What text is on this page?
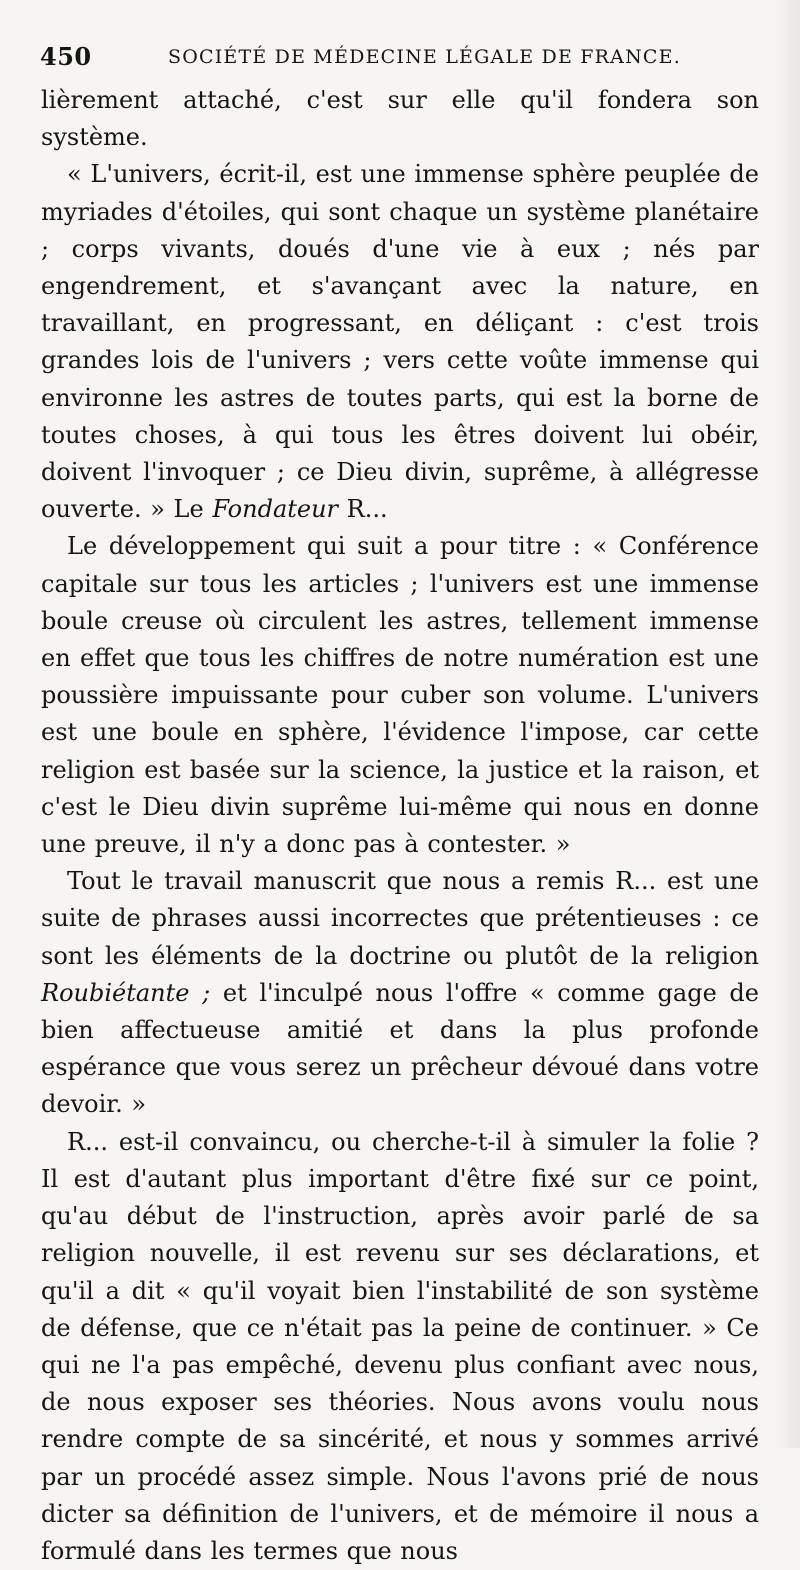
450	SOCIÉTÉ DE MÉDECINE LÉGALE DE FRANCE.

lièrement attaché, c'est sur elle qu'il fondera son système.

« L'univers, écrit-il, est une immense sphère peuplée de myriades d'étoiles, qui sont chaque un système planétaire ; corps vivants, doués d'une vie à eux ; nés par engendrement, et s'avançant avec la nature, en travaillant, en progressant, en déliçant : c'est trois grandes lois de l'univers ; vers cette voûte immense qui environne les astres de toutes parts, qui est la borne de toutes choses, à qui tous les êtres doivent lui obéir, doivent l'invoquer ; ce Dieu divin, suprême, à allégresse ouverte. » Le Fondateur R...

Le développement qui suit a pour titre : « Conférence capitale sur tous les articles ; l'univers est une immense boule creuse où circulent les astres, tellement immense en effet que tous les chiffres de notre numération est une poussière impuissante pour cuber son volume. L'univers est une boule en sphère, l'évidence l'impose, car cette religion est basée sur la science, la justice et la raison, et c'est le Dieu divin suprême lui-même qui nous en donne une preuve, il n'y a donc pas à contester. »

Tout le travail manuscrit que nous a remis R... est une suite de phrases aussi incorrectes que prétentieuses : ce sont les éléments de la doctrine ou plutôt de la religion Roubiétante ; et l'inculpé nous l'offre « comme gage de bien affectueuse amitié et dans la plus profonde espérance que vous serez un prêcheur dévoué dans votre devoir. »

R... est-il convaincu, ou cherche-t-il à simuler la folie ? Il est d'autant plus important d'être fixé sur ce point, qu'au début de l'instruction, après avoir parlé de sa religion nouvelle, il est revenu sur ses déclarations, et qu'il a dit « qu'il voyait bien l'instabilité de son système de défense, que ce n'était pas la peine de continuer. » Ce qui ne l'a pas empêché, devenu plus confiant avec nous, de nous exposer ses théories. Nous avons voulu nous rendre compte de sa sincérité, et nous y sommes arrivé par un procédé assez simple. Nous l'avons prié de nous dicter sa définition de l'univers, et de mémoire il nous a formulé dans les termes que nous
